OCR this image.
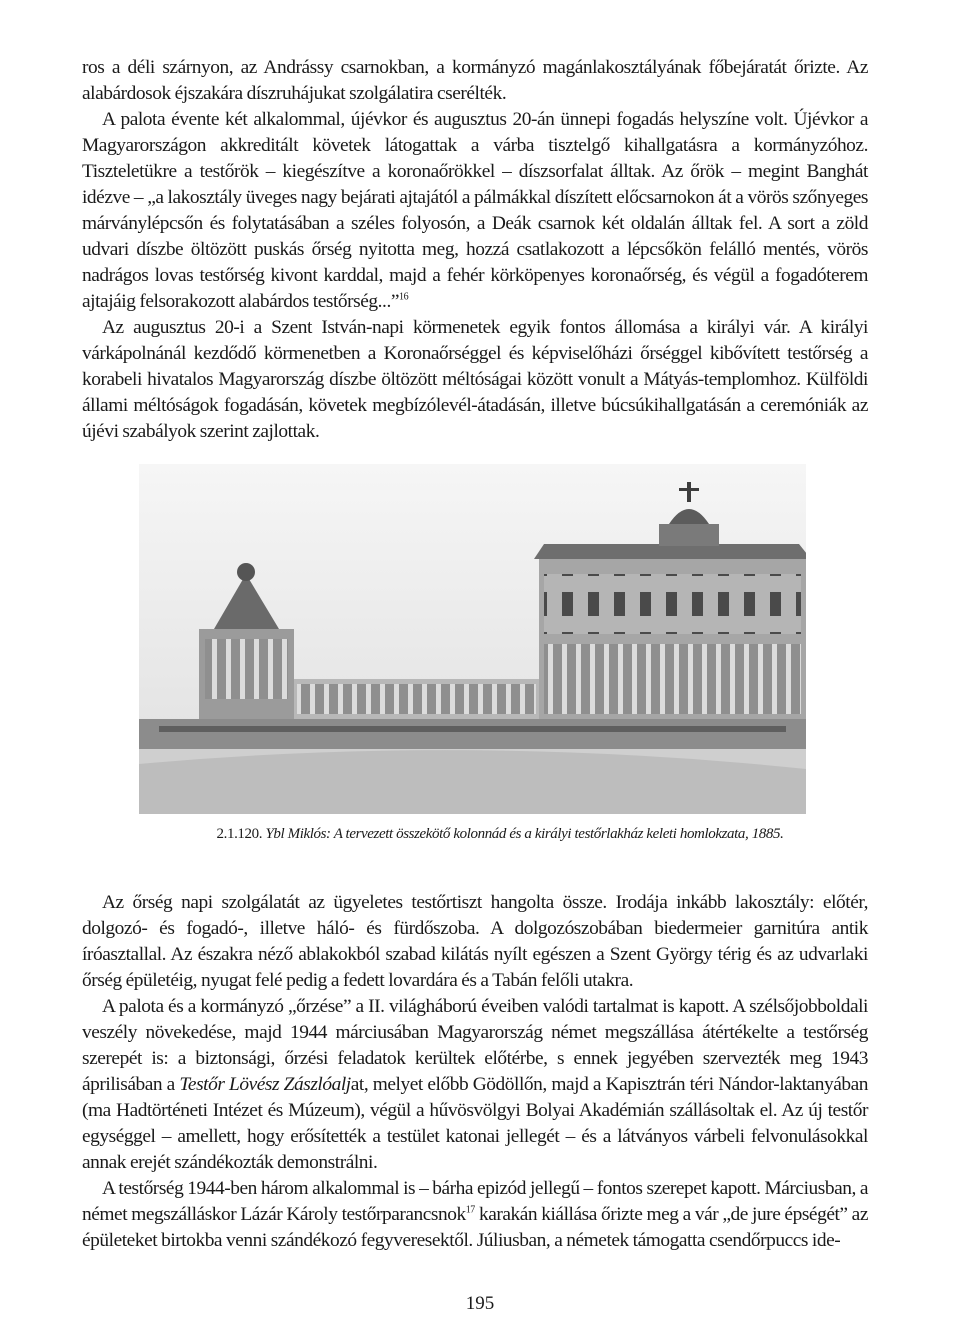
ros a déli szárnyon, az Andrássy csarnokban, a kormányzó magánlakosztályának főbejáratát őrizte. Az alabárdosok éjszakára díszruhájukat szolgálatira cserélték.

A palota évente két alkalommal, újévkor és augusztus 20-án ünnepi fogadás helyszíne volt. Újévkor a Magyarországon akkreditált követek látogattak a várba tisztelgő kihallgatásra a kormányzóhoz. Tiszteletükre a testőrök – kiegészítve a koronaőrökkel – díszsorfalat álltak. Az őrök – megint Banghát idézve – „a lakosztály üveges nagy bejárati ajtajától a pálmákkal díszített előcsarnokon át a vörös szőnyeges márványlépcsőn és folytatásában a széles folyosón, a Deák csarnok két oldalán álltak fel. A sort a zöld udvari díszbe öltözött puskás őrség nyitotta meg, hozzá csatlakozott a lépcsőkön felálló mentés, vörös nadrágos lovas testőrség kivont karddal, majd a fehér körköpenyes koronaőrség, és végül a fogadóterem ajtajáig felsorakozott alabárdos testőrség...”$^{16}$

Az augusztus 20-i a Szent István-napi körmenetek egyik fontos állomása a királyi vár. A királyi várkápolnánál kezdődő körmenetben a Koronaőrséggel és képviselőházi őrséggel kibővített testőrség a korabeli hivatalos Magyarország díszbe öltözött méltóságai között vonult a Mátyás-templomhoz. Külföldi állami méltóságok fogadásán, követek megbízólevél-átadásán, illetve búcsúkihallgatásán a ceremóniák az újévi szabályok szerint zajlottak.

2.1.120. Ybl Miklós: A tervezett összekötő kolonnád és a királyi testőrlakház keleti homlokzata, 1885.

Az őrség napi szolgálatát az ügyeletes testőrtiszt hangolta össze. Irodája inkább lakosztály: előtér, dolgozó- és fogadó-, illetve háló- és fürdőszoba. A dolgozószobában biedermeier garnitúra antik íróasztallal. Az északra néző ablakokból szabad kilátás nyílt egészen a Szent György térig és az udvarlaki őrség épületéig, nyugat felé pedig a fedett lovardára és a Tabán felőli utakra.

A palota és a kormányzó „őrzése” a II. világháború éveiben valódi tartalmat is kapott. A szélsőjobboldali veszély növekedése, majd 1944 márciusában Magyarország német megszállása átértékelte a testőrség szerepét is: a biztonsági, őrzési feladatok kerültek előtérbe, s ennek jegyében szervezték meg 1943 áprilisában a Testőr Lövész Zászlóaljat, melyet előbb Gödöllőn, majd a Kapisztrán téri Nándor-laktanyában (ma Hadtörténeti Intézet és Múzeum), végül a hűvösvölgyi Bolyai Akadémián szállásoltak el. Az új testőr egységgel – amellett, hogy erősítették a testület katonai jellegét – és a látványos várbeli felvonulásokkal annak erejét szándékozták demonstrálni.

A testőrség 1944-ben három alkalommal is – bárha epizód jellegű – fontos szerepet kapott. Márciusban, a német megszálláskor Lázár Károly testőrparancsnok$^{17}$ karakán kiállása őrizte meg a vár „de jure épségét” az épületeket birtokba venni szándékozó fegyveresektől. Júliusban, a németek támogatta csendőrpuccs ide-

195
